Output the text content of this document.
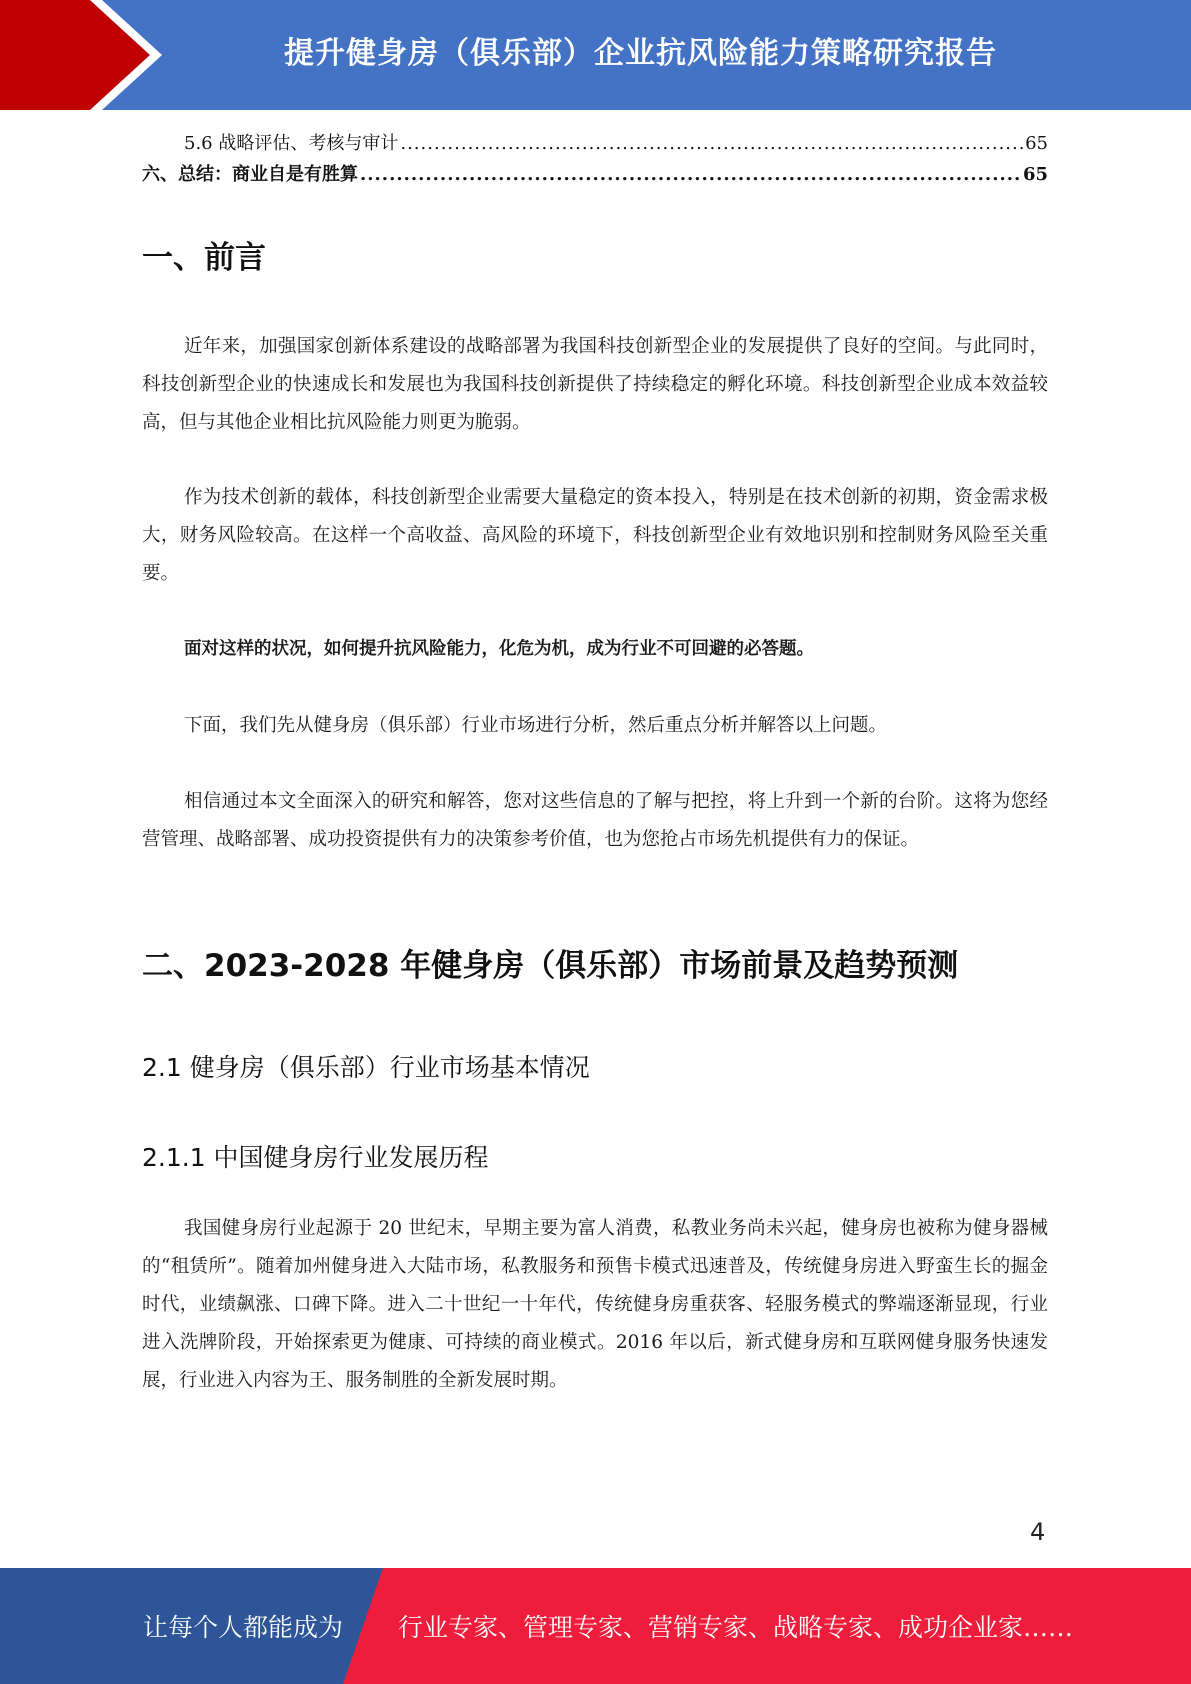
提升健身房（俱乐部）企业抗风险能力策略研究报告
5.6 战略评估、考核与审计 .....	65
六、总结：商业自是有胜算 .....	65
一、前言

近年来，加强国家创新体系建设的战略部署为我国科技创新型企业的发展提供了良好的空间。与此同时，科技创新型企业的快速成长和发展也为我国科技创新提供了持续稳定的孵化环境。科技创新型企业成本效益较高，但与其他企业相比抗风险能力则更为脆弱。

作为技术创新的载体，科技创新型企业需要大量稳定的资本投入，特别是在技术创新的初期，资金需求极大，财务风险较高。在这样一个高收益、高风险的环境下，科技创新型企业有效地识别和控制财务风险至关重要。

面对这样的状况，如何提升抗风险能力，化危为机，成为行业不可回避的必答题。

下面，我们先从健身房（俱乐部）行业市场进行分析，然后重点分析并解答以上问题。

相信通过本文全面深入的研究和解答，您对这些信息的了解与把控，将上升到一个新的台阶。这将为您经营管理、战略部署、成功投资提供有力的决策参考价值，也为您抢占市场先机提供有力的保证。

二、2023-2028 年健身房（俱乐部）市场前景及趋势预测
2.1 健身房（俱乐部）行业市场基本情况
2.1.1 中国健身房行业发展历程

我国健身房行业起源于 20 世纪末，早期主要为富人消费，私教业务尚未兴起，健身房也被称为健身器械的“租赁所”。随着加州健身进入大陆市场，私教服务和预售卡模式迅速普及，传统健身房进入野蛮生长的掘金时代，业绩飙涨、口碑下降。进入二十世纪一十年代，传统健身房重获客、轻服务模式的弊端逐渐显现，行业进入洗牌阶段，开始探索更为健康、可持续的商业模式。2016 年以后，新式健身房和互联网健身服务快速发展，行业进入内容为王、服务制胜的全新发展时期。

4
让每个人都能成为 行业专家、管理专家、营销专家、战略专家、成功企业家……
